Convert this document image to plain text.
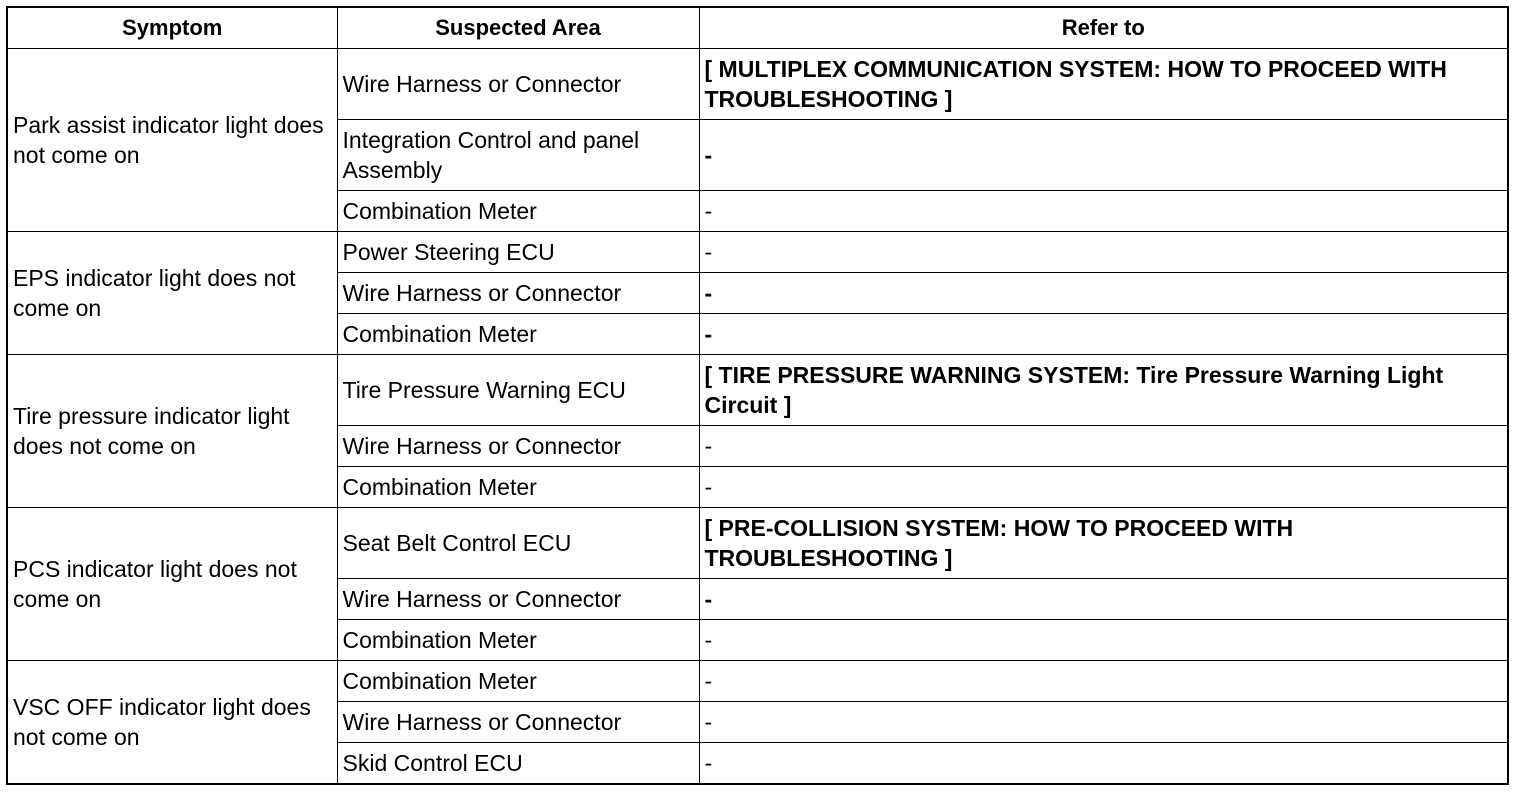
Symptom	Suspected Area	Refer to
Park assist indicator light does not come on	Wire Harness or Connector	[ MULTIPLEX COMMUNICATION SYSTEM: HOW TO PROCEED WITH TROUBLESHOOTING ]
	Integration Control and panel Assembly	-
	Combination Meter	-
EPS indicator light does not come on	Power Steering ECU	-
	Wire Harness or Connector	-
	Combination Meter	-
Tire pressure indicator light does not come on	Tire Pressure Warning ECU	[ TIRE PRESSURE WARNING SYSTEM: Tire Pressure Warning Light Circuit ]
	Wire Harness or Connector	-
	Combination Meter	-
PCS indicator light does not come on	Seat Belt Control ECU	[ PRE-COLLISION SYSTEM: HOW TO PROCEED WITH TROUBLESHOOTING ]
	Wire Harness or Connector	-
	Combination Meter	-
VSC OFF indicator light does not come on	Combination Meter	-
	Wire Harness or Connector	-
	Skid Control ECU	-
